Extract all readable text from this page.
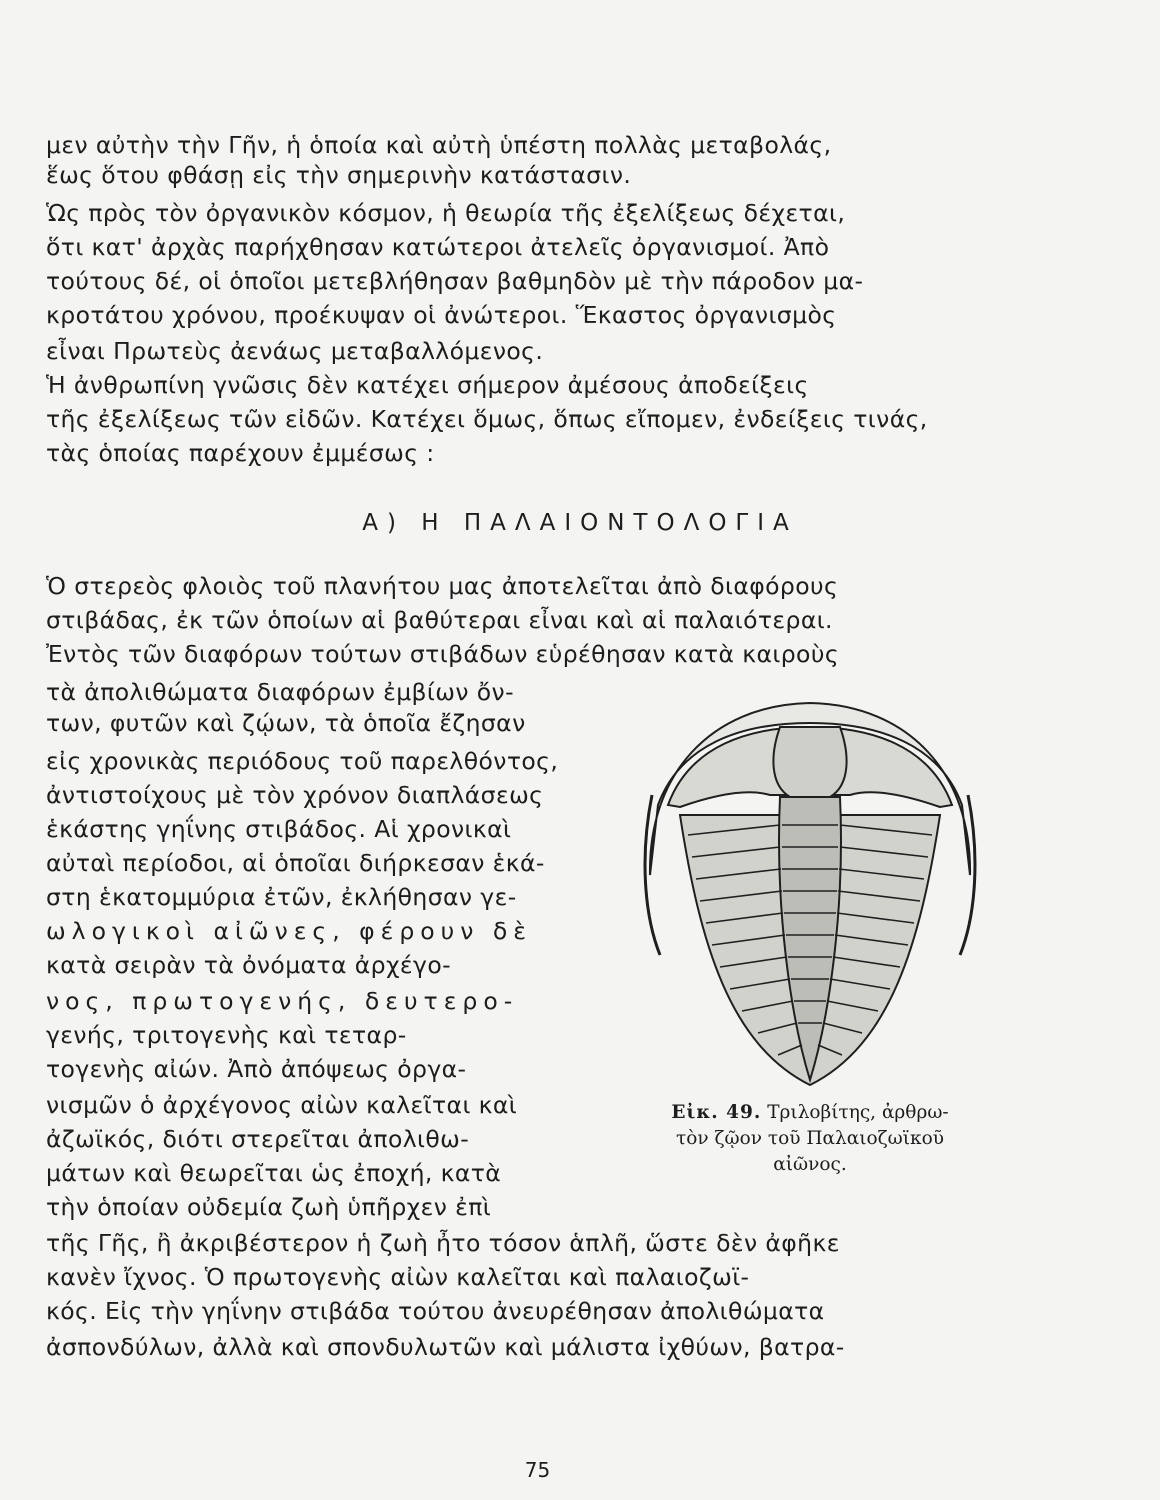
μεν αὐτὴν τὴν Γῆν, ἡ ὁποία καὶ αὐτὴ ὑπέστη πολλὰς μεταβολάς,
ἕως ὅτου φθάσῃ εἰς τὴν σημερινὴν κατάστασιν.
Ὡς πρὸς τὸν ὀργανικὸν κόσμον, ἡ θεωρία τῆς ἐξελίξεως δέχεται,
ὅτι κατ' ἀρχὰς παρήχθησαν κατώτεροι ἀτελεῖς ὀργανισμοί. Ἀπὸ
τούτους δέ, οἱ ὁποῖοι μετεβλήθησαν βαθμηδὸν μὲ τὴν πάροδον μα-
κροτάτου χρόνου, προέκυψαν οἱ ἀνώτεροι. Ἕκαστος ὀργανισμὸς
εἶναι Πρωτεὺς ἀενάως μεταβαλλόμενος.
Ἡ ἀνθρωπίνη γνῶσις δὲν κατέχει σήμερον ἀμέσους ἀποδείξεις
τῆς ἐξελίξεως τῶν εἰδῶν. Κατέχει ὅμως, ὅπως εἴπομεν, ἐνδείξεις τινάς,
τὰς ὁποίας παρέχουν ἐμμέσως :
Α) Η ΠΑΛΑΙΟΝΤΟΛΟΓΙΑ
Ὁ στερεὸς φλοιὸς τοῦ πλανήτου μας ἀποτελεῖται ἀπὸ διαφόρους
στιβάδας, ἐκ τῶν ὁποίων αἱ βαθύτεραι εἶναι καὶ αἱ παλαιότεραι.
Ἐντὸς τῶν διαφόρων τούτων στιβάδων εὑρέθησαν κατὰ καιροὺς
τὰ ἀπολιθώματα διαφόρων ἐμβίων ὄν-
των, φυτῶν καὶ ζῴων, τὰ ὁποῖα ἔζησαν
εἰς χρονικὰς περιόδους τοῦ παρελθόντος,
ἀντιστοίχους μὲ τὸν χρόνον διαπλάσεως
ἑκάστης γηΐνης στιβάδος. Αἱ χρονικαὶ
αὐταὶ περίοδοι, αἱ ὁποῖαι διήρκεσαν ἑκά-
στη ἑκατομμύρια ἐτῶν, ἐκλήθησαν γε-
ωλογικοὶ αἰῶνες, φέρουν δὲ
κατὰ σειρὰν τὰ ὀνόματα ἀρχέγο-
νος, πρωτογενής, δευτερο-
γενής, τριτογενὴς καὶ τεταρ-
τογενὴς αἰών. Ἀπὸ ἀπόψεως ὀργα-
νισμῶν ὁ ἀρχέγονος αἰὼν καλεῖται καὶ
ἀζωϊκός, διότι στερεῖται ἀπολιθω-
μάτων καὶ θεωρεῖται ὡς ἐποχή, κατὰ
τὴν ὁποίαν οὐδεμία ζωὴ ὑπῆρχεν ἐπὶ
Εἰκ. 49. Τριλοβίτης, ἀρθρω-
τὸν ζῷον τοῦ Παλαιοζωϊκοῦ
αἰῶνος.
τῆς Γῆς, ἢ ἀκριβέστερον ἡ ζωὴ ἦτο τόσον ἁπλῆ, ὥστε δὲν ἀφῆκε
κανὲν ἴχνος. Ὁ πρωτογενὴς αἰὼν καλεῖται καὶ παλαιοζωϊ-
κός. Εἰς τὴν γηΐνην στιβάδα τούτου ἀνευρέθησαν ἀπολιθώματα
ἀσπονδύλων, ἀλλὰ καὶ σπονδυλωτῶν καὶ μάλιστα ἰχθύων, βατρα-
75
